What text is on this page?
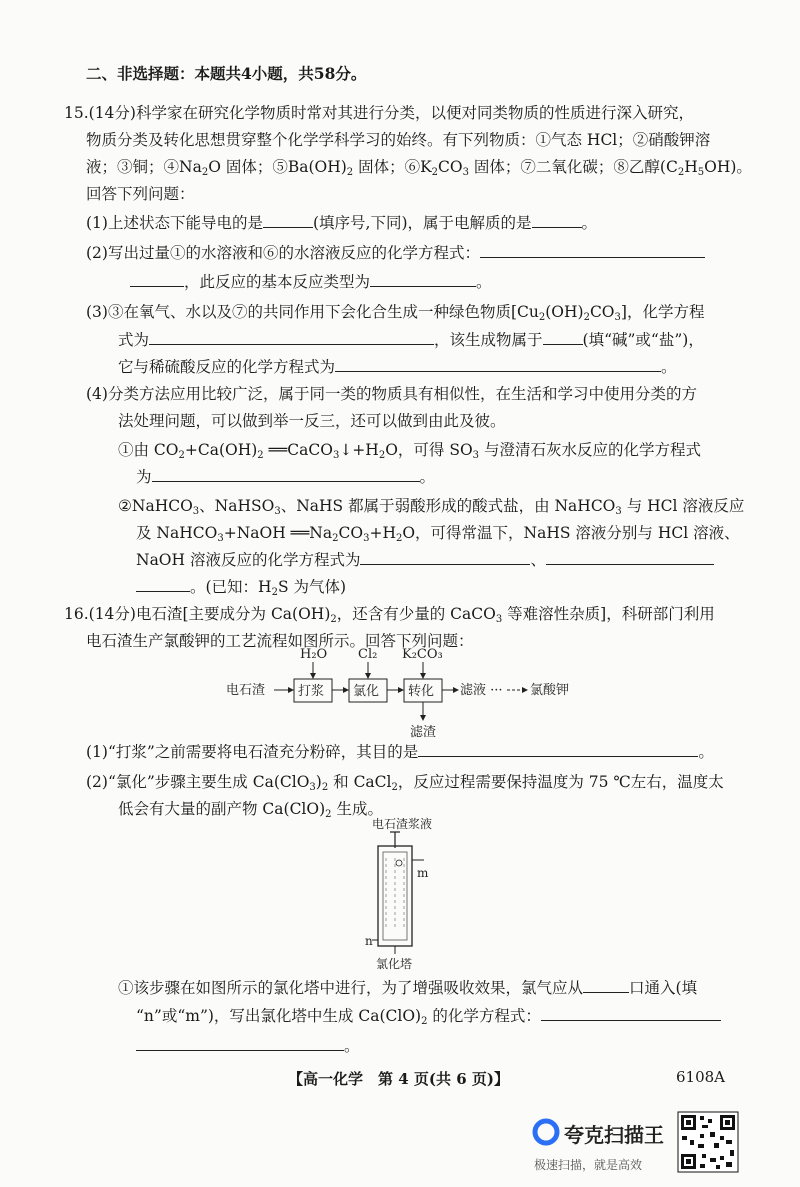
二、非选择题：本题共4小题，共58分。
15.(14分)科学家在研究化学物质时常对其进行分类，以便对同类物质的性质进行深入研究，
物质分类及转化思想贯穿整个化学学科学习的始终。有下列物质：①气态 HCl；②硝酸钾溶
液；③铜；$④Na_2O$ 固体；$⑤Ba(OH)_2$ 固体；$⑥K_2CO_3$ 固体；⑦二氧化碳；⑧乙醇$(C_2H_5OH)$。
回答下列问题：
(1)上述状态下能导电的是	(填序号,下同)，属于电解质的是	。
(2)写出过量①的水溶液和⑥的水溶液反应的化学方程式：
，此反应的基本反应类型为	。
(3)③在氧气、水以及⑦的共同作用下会化合生成一种绿色物质$[Cu_2(OH)_2CO_3]$，化学方程
式为	，该生成物属于	(填“碱”或“盐”)，
它与稀硫酸反应的化学方程式为	。
(4)分类方法应用比较广泛，属于同一类的物质具有相似性，在生活和学习中使用分类的方
法处理问题，可以做到举一反三，还可以做到由此及彼。
①由 $CO_2+Ca(OH)_2$ $══CaCO_3↓+H_2O$，可得 $SO_3$ 与澄清石灰水反应的化学方程式
为	。
②NaHCO$_3$、NaHSO$_3$、NaHS 都属于弱酸形成的酸式盐，由 NaHCO$_3$ 与 HCl 溶液反应
及 NaHCO$_3$+NaOH $══Na_2CO_3+H_2O$，可得常温下，NaHS 溶液分别与 HCl 溶液、
NaOH 溶液反应的化学方程式为	、
。(已知：$H_2S$ 为气体)
16.(14分)电石渣[主要成分为 $Ca(OH)_2$，还含有少量的 CaCO$_3$ 等难溶性杂质]，科研部门利用
电石渣生产氯酸钾的工艺流程如图所示。回答下列问题：
电石渣	打浆 氯化 转化 滤液 ··· 氯酸钾
H₂O Cl₂ K₂CO₃
滤渣
电石渣浆液
m
n
氯化塔
(1)“打浆”之前需要将电石渣充分粉碎，其目的是	。
(2)“氯化”步骤主要生成 $Ca(ClO_3)_2$ 和 CaCl$_2$，反应过程需要保持温度为 75 ℃左右，温度太
低会有大量的副产物 $Ca(ClO)_2$ 生成。
①该步骤在如图所示的氯化塔中进行，为了增强吸收效果，氯气应从	口通入(填
“n”或“m”)，写出氯化塔中生成 $Ca(ClO)_2$ 的化学方程式：
。
【高一化学　第 4 页(共 6 页)】	6108A
夸克扫描王
极速扫描，就是高效
